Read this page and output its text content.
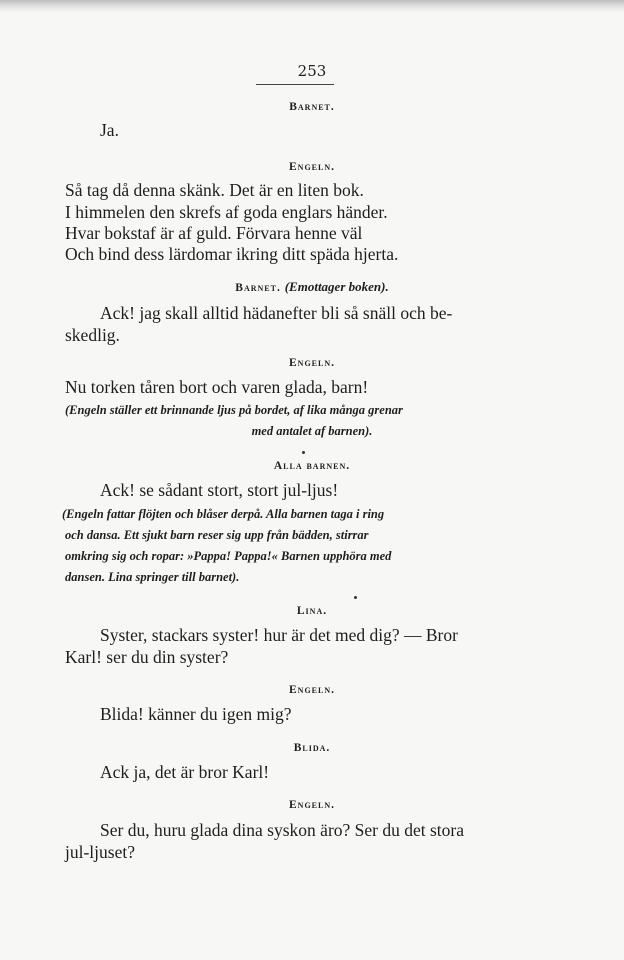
253
Barnet.
Ja.
Engeln.
Så tag då denna skänk. Det är en liten bok.
I himmelen den skrefs af goda englars händer.
Hvar bokstaf är af guld. Förvara henne väl
Och bind dess lärdomar ikring ditt späda hjerta.
Barnet. (Emottager boken).
Ack! jag skall alltid hädanefter bli så snäll och be-
skedlig.
Engeln.
Nu torken tåren bort och varen glada, barn!
(Engeln ställer ett brinnande ljus på bordet, af lika många grenar
med antalet af barnen).
Alla barnen.
Ack! se sådant stort, stort jul-ljus!
(Engeln fattar flöjten och blåser derpå. Alla barnen taga i ring
och dansa. Ett sjukt barn reser sig upp från bädden, stirrar
omkring sig och ropar: »Pappa! Pappa!« Barnen upphöra med
dansen. Lina springer till barnet).
Lina.
Syster, stackars syster! hur är det med dig? — Bror
Karl! ser du din syster?
Engeln.
Blida! känner du igen mig?
Blida.
Ack ja, det är bror Karl!
Engeln.
Ser du, huru glada dina syskon äro? Ser du det stora
jul-ljuset?
